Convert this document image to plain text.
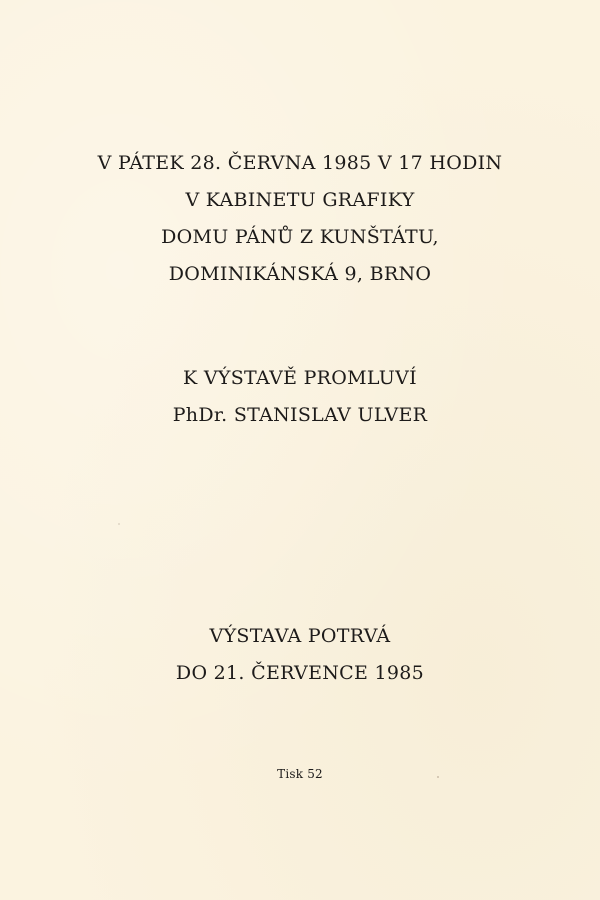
V PÁTEK 28. ČERVNA 1985 V 17 HODIN
V KABINETU GRAFIKY
DOMU PÁNŮ Z KUNŠTÁTU,
DOMINIKÁNSKÁ 9, BRNO
K VÝSTAVĚ PROMLUVÍ
PhDr. STANISLAV ULVER
VÝSTAVA POTRVÁ
DO 21. ČERVENCE 1985
Tisk 52
